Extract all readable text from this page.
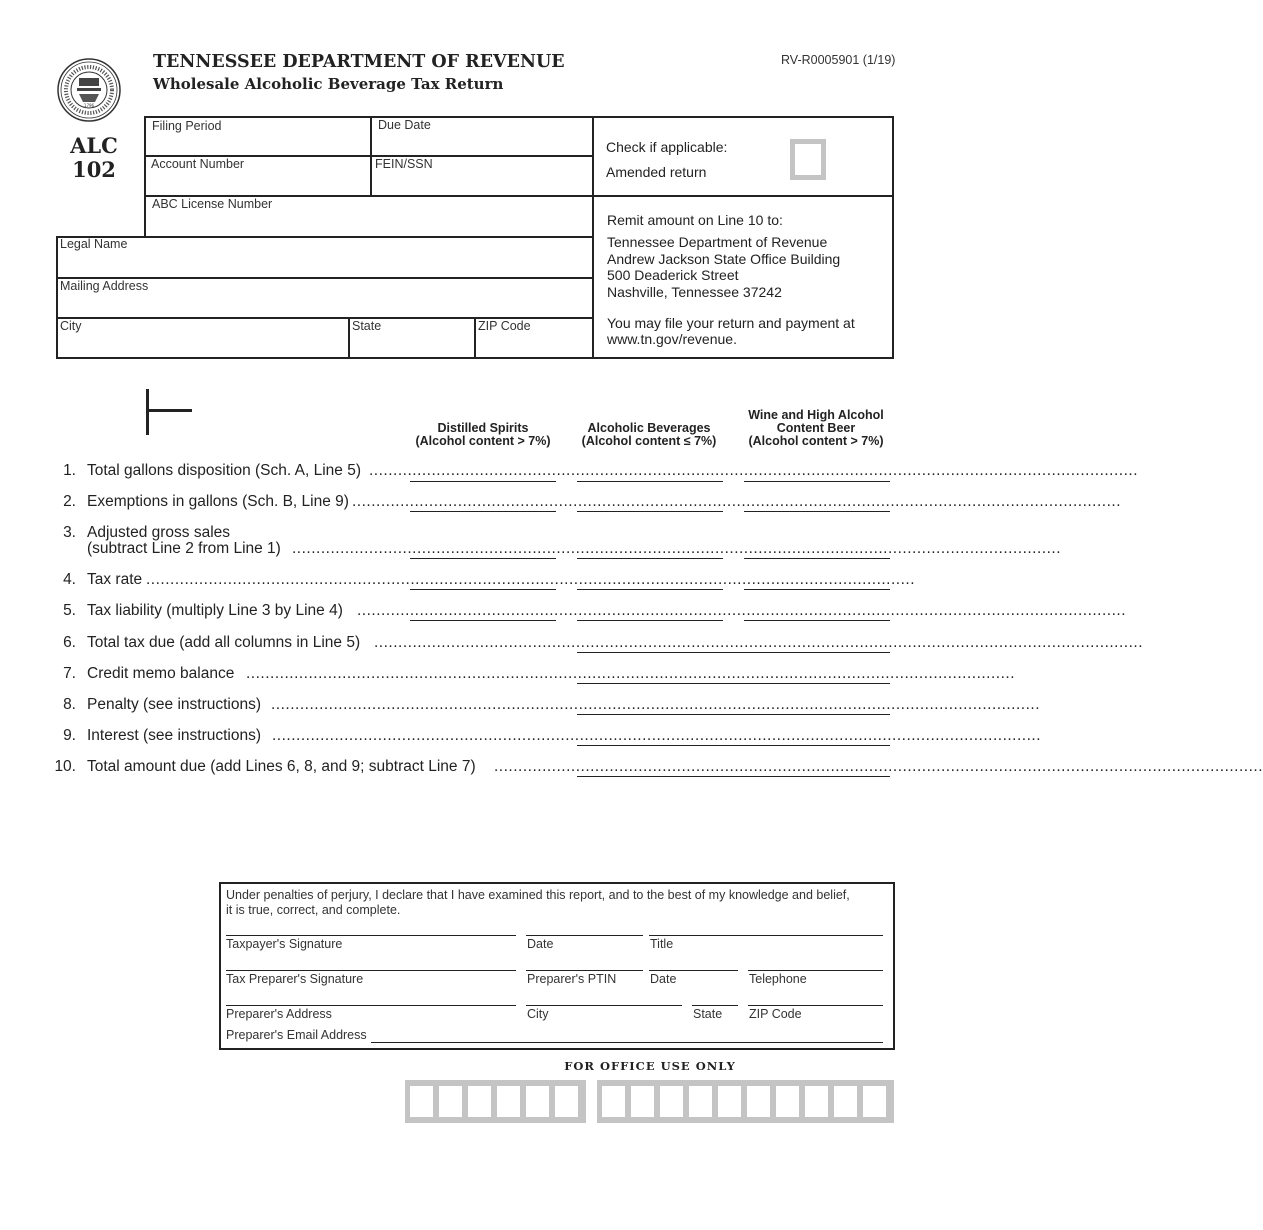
1796
TENNESSEE DEPARTMENT OF REVENUE
Wholesale Alcoholic Beverage Tax Return
RV-R0005901 (1/19)
ALC
102
Filing Period	Due Date
Account Number	FEIN/SSN
ABC License Number
Legal Name
Mailing Address
City	State	ZIP Code
Check if applicable:
Amended return
Remit amount on Line 10 to:
Tennessee Department of Revenue
Andrew Jackson State Office Building
500 Deaderick Street
Nashville, Tennessee 37242
You may file your return and payment at
www.tn.gov/revenue.
Distilled Spirits
(Alcohol content > 7%)
Alcoholic Beverages
(Alcohol content ≤ 7%)
Wine and High Alcohol
Content Beer
(Alcohol content > 7%)
1. Total gallons disposition (Sch. A, Line 5) ................................................................................................................................................................
2. Exemptions in gallons (Sch. B, Line 9) ................................................................................................................................................................
3. Adjusted gross sales
(subtract Line 2 from Line 1) ................................................................................................................................................................
4. Tax rate ................................................................................................................................................................
5. Tax liability (multiply Line 3 by Line 4) ................................................................................................................................................................
6. Total tax due (add all columns in Line 5) ................................................................................................................................................................
7. Credit memo balance ................................................................................................................................................................
8. Penalty (see instructions) ................................................................................................................................................................
9. Interest (see instructions) ................................................................................................................................................................
10. Total amount due (add Lines 6, 8, and 9; subtract Line 7) ................................................................................................................................................................
Under penalties of perjury, I declare that I have examined this report, and to the best of my knowledge and belief,
it is true, correct, and complete.
Taxpayer's Signature	Date	Title
Tax Preparer's Signature	Preparer's PTIN	Date	Telephone
Preparer's Address	City	State ZIP Code
Preparer's Email Address
FOR OFFICE USE ONLY
